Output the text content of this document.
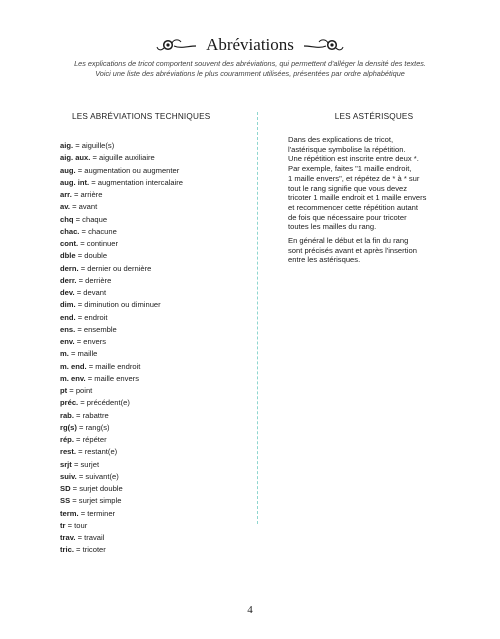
Abréviations

Les explications de tricot comportent souvent des abréviations, qui permettent d'alléger la densité des textes. Voici une liste des abréviations le plus couramment utilisées, présentées par ordre alphabétique

LES ABRÉVIATIONS TECHNIQUES

aig. = aiguille(s)
aig. aux. = aiguille auxiliaire
aug. = augmentation ou augmenter
aug. int. = augmentation intercalaire
arr. = arrière
av. = avant
chq = chaque
chac. = chacune
cont. = continuer
dble = double
dern. = dernier ou dernière
derr. = derrière
dev. = devant
dim. = diminution ou diminuer
end. = endroit
ens. = ensemble
env. = envers
m. = maille
m. end. = maille endroit
m. env. = maille envers
pt = point
préc. = précédent(e)
rab. = rabattre
rg(s) = rang(s)
rép. = répéter
rest. = restant(e)
srjt = surjet
suiv. = suivant(e)
SD = surjet double
SS = surjet simple
term. = terminer
tr = tour
trav. = travail
tric. = tricoter

LES ASTÉRISQUES

Dans des explications de tricot,
l'astérisque symbolise la répétition.
Une répétition est inscrite entre deux *.
Par exemple, faites "1 maille endroit,
1 maille envers", et répétez de * à * sur
tout le rang signifie que vous devez
tricoter 1 maille endroit et 1 maille envers
et recommencer cette répétition autant
de fois que nécessaire pour tricoter
toutes les mailles du rang.

En général le début et la fin du rang
sont précisés avant et après l'insertion
entre les astérisques.

4
